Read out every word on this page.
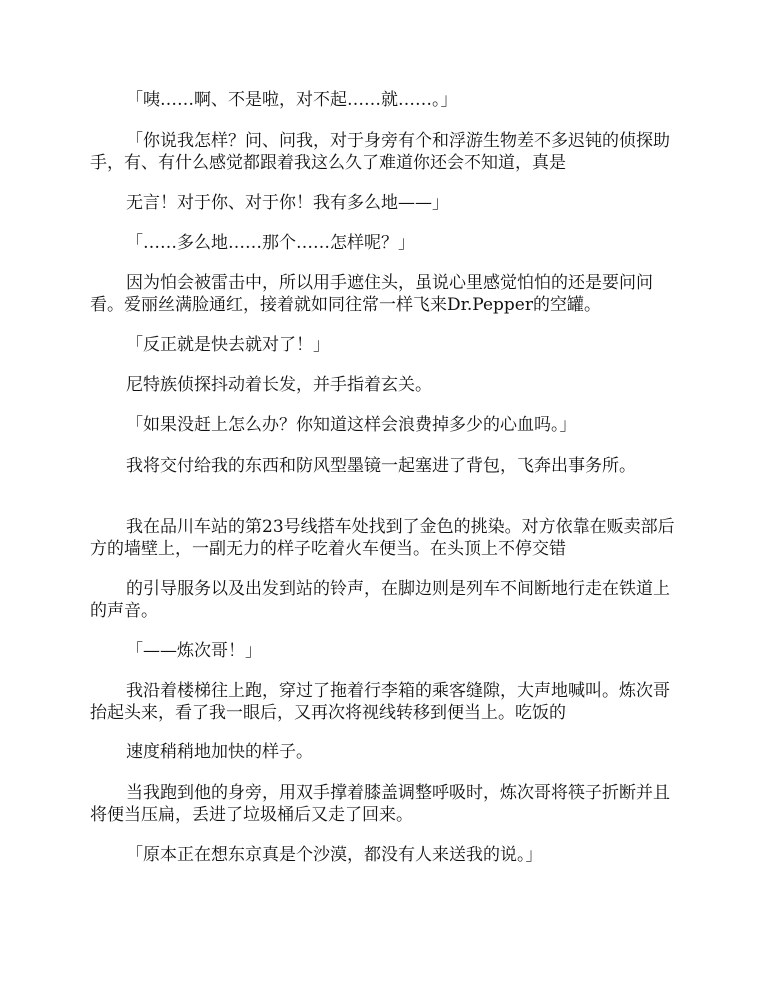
「咦……啊、不是啦，对不起……就……。」

「你说我怎样？问、问我，对于身旁有个和浮游生物差不多迟钝的侦探助手，有、有什么感觉都跟着我这么久了难道你还会不知道，真是

无言！对于你、对于你！我有多么地——」

「……多么地……那个……怎样呢？」

因为怕会被雷击中，所以用手遮住头，虽说心里感觉怕怕的还是要问问看。爱丽丝满脸通红，接着就如同往常一样飞来Dr.Pepper的空罐。

「反正就是快去就对了！」

尼特族侦探抖动着长发，并手指着玄关。

「如果没赶上怎么办？你知道这样会浪费掉多少的心血吗。」

我将交付给我的东西和防风型墨镜一起塞进了背包，飞奔出事务所。

我在品川车站的第23号线搭车处找到了金色的挑染。对方依靠在贩卖部后方的墙壁上，一副无力的样子吃着火车便当。在头顶上不停交错

的引导服务以及出发到站的铃声，在脚边则是列车不间断地行走在铁道上的声音。

「——炼次哥！」

我沿着楼梯往上跑，穿过了拖着行李箱的乘客缝隙，大声地喊叫。炼次哥抬起头来，看了我一眼后，又再次将视线转移到便当上。吃饭的

速度稍稍地加快的样子。

当我跑到他的身旁，用双手撑着膝盖调整呼吸时，炼次哥将筷子折断并且将便当压扁，丢进了垃圾桶后又走了回来。

「原本正在想东京真是个沙漠，都没有人来送我的说。」
